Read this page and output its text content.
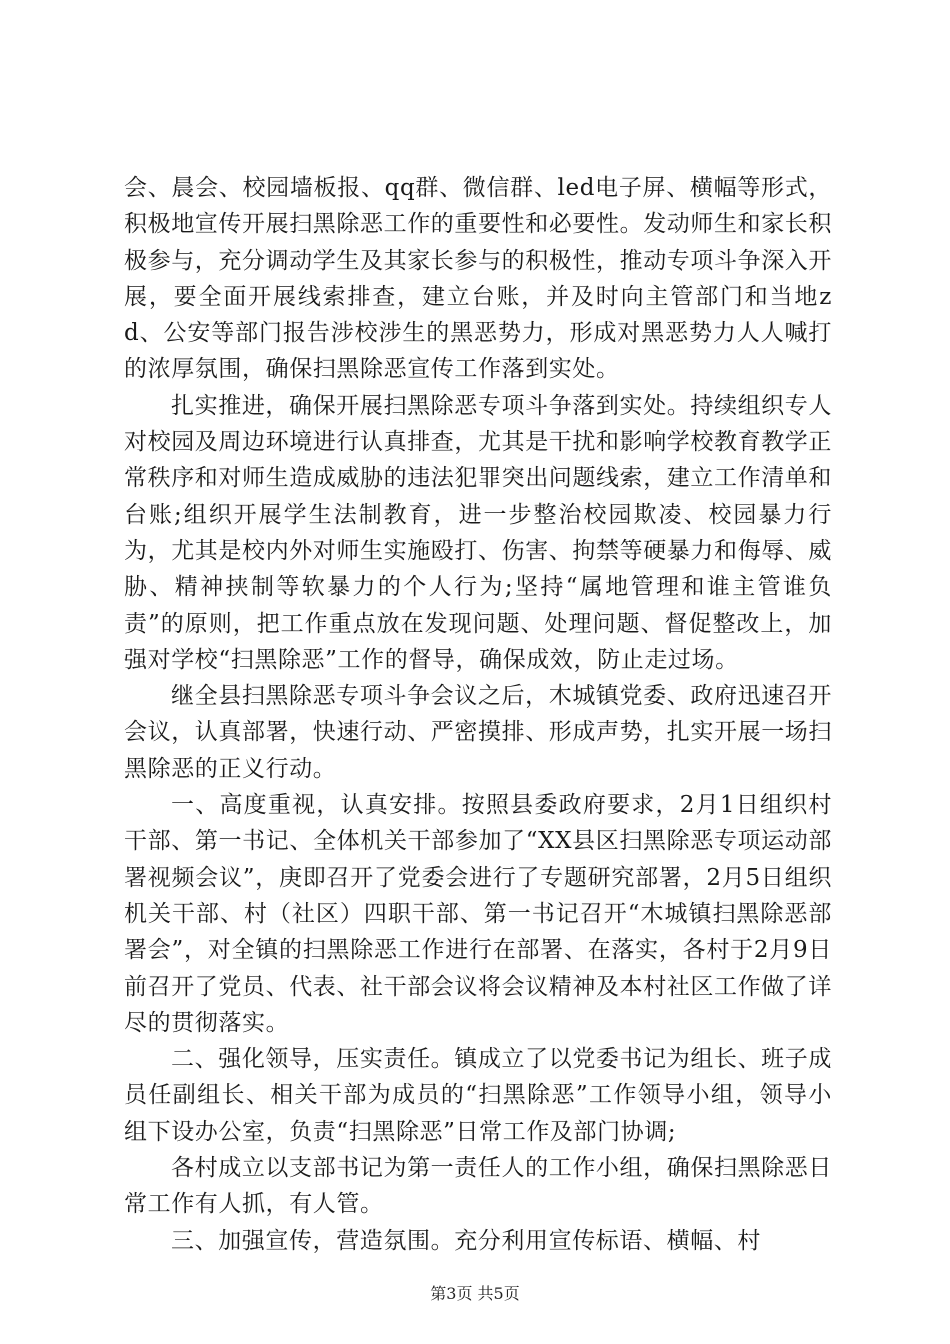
会、晨会、校园墙板报、qq群、微信群、led电子屏、横幅等形式，积极地宣传开展扫黑除恶工作的重要性和必要性。发动师生和家长积极参与，充分调动学生及其家长参与的积极性，推动专项斗争深入开展，要全面开展线索排查，建立台账，并及时向主管部门和当地zd、公安等部门报告涉校涉生的黑恶势力，形成对黑恶势力人人喊打的浓厚氛围，确保扫黑除恶宣传工作落到实处。

扎实推进，确保开展扫黑除恶专项斗争落到实处。持续组织专人对校园及周边环境进行认真排查，尤其是干扰和影响学校教育教学正常秩序和对师生造成威胁的违法犯罪突出问题线索，建立工作清单和台账;组织开展学生法制教育，进一步整治校园欺凌、校园暴力行为，尤其是校内外对师生实施殴打、伤害、拘禁等硬暴力和侮辱、威胁、精神挟制等软暴力的个人行为;坚持“属地管理和谁主管谁负责”的原则，把工作重点放在发现问题、处理问题、督促整改上，加强对学校“扫黑除恶”工作的督导，确保成效，防止走过场。

继全县扫黑除恶专项斗争会议之后，木城镇党委、政府迅速召开会议，认真部署，快速行动、严密摸排、形成声势，扎实开展一场扫黑除恶的正义行动。

一、高度重视，认真安排。按照县委政府要求，2月1日组织村干部、第一书记、全体机关干部参加了“XX县区扫黑除恶专项运动部署视频会议”，庚即召开了党委会进行了专题研究部署，2月5日组织机关干部、村（社区）四职干部、第一书记召开“木城镇扫黑除恶部署会”，对全镇的扫黑除恶工作进行在部署、在落实，各村于2月9日前召开了党员、代表、社干部会议将会议精神及本村社区工作做了详尽的贯彻落实。

二、强化领导，压实责任。镇成立了以党委书记为组长、班子成员任副组长、相关干部为成员的“扫黑除恶”工作领导小组，领导小组下设办公室，负责“扫黑除恶”日常工作及部门协调;

各村成立以支部书记为第一责任人的工作小组，确保扫黑除恶日常工作有人抓，有人管。

三、加强宣传，营造氛围。充分利用宣传标语、横幅、村

第3页 共5页
